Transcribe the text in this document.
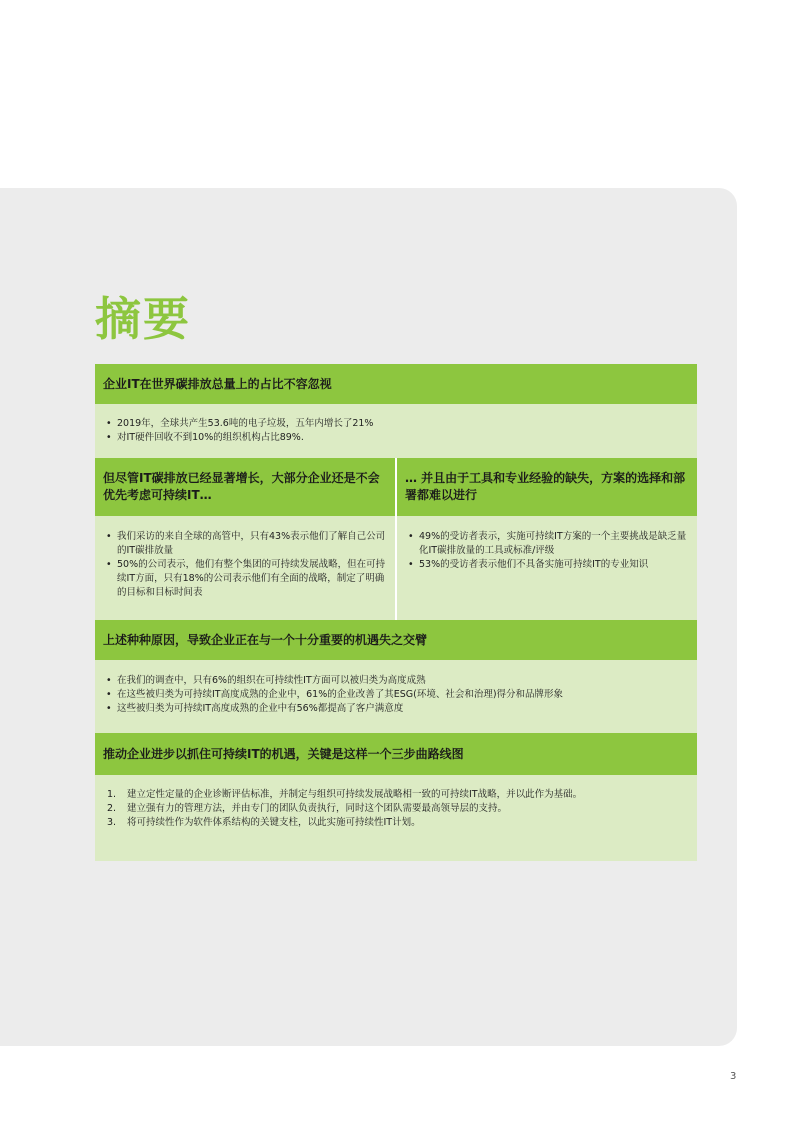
摘要
企业IT在世界碳排放总量上的占比不容忽视
• 2019年，全球共产生53.6吨的电子垃圾，五年内增长了21%
• 对IT硬件回收不到10%的组织机构占比89%.
但尽管IT碳排放已经显著增长，大部分企业还是不会优先考虑可持续IT…
… 并且由于工具和专业经验的缺失，方案的选择和部署都难以进行
• 我们采访的来自全球的高管中，只有43%表示他们了解自己公司的IT碳排放量
• 50%的公司表示，他们有整个集团的可持续发展战略，但在可持续IT方面，只有18%的公司表示他们有全面的战略，制定了明确的目标和目标时间表
• 49%的受访者表示，实施可持续IT方案的一个主要挑战是缺乏量化IT碳排放量的工具或标准/评级
• 53%的受访者表示他们不具备实施可持续IT的专业知识
上述种种原因，导致企业正在与一个十分重要的机遇失之交臂
• 在我们的调查中，只有6%的组织在可持续性IT方面可以被归类为高度成熟
• 在这些被归类为可持续IT高度成熟的企业中，61%的企业改善了其ESG(环境、社会和治理)得分和品牌形象
• 这些被归类为可持续IT高度成熟的企业中有56%都提高了客户满意度
推动企业进步以抓住可持续IT的机遇，关键是这样一个三步曲路线图
1. 建立定性定量的企业诊断评估标准，并制定与组织可持续发展战略相一致的可持续IT战略，并以此作为基础。
2. 建立强有力的管理方法，并由专门的团队负责执行，同时这个团队需要最高领导层的支持。
3. 将可持续性作为软件体系结构的关键支柱，以此实施可持续性IT计划。
3
